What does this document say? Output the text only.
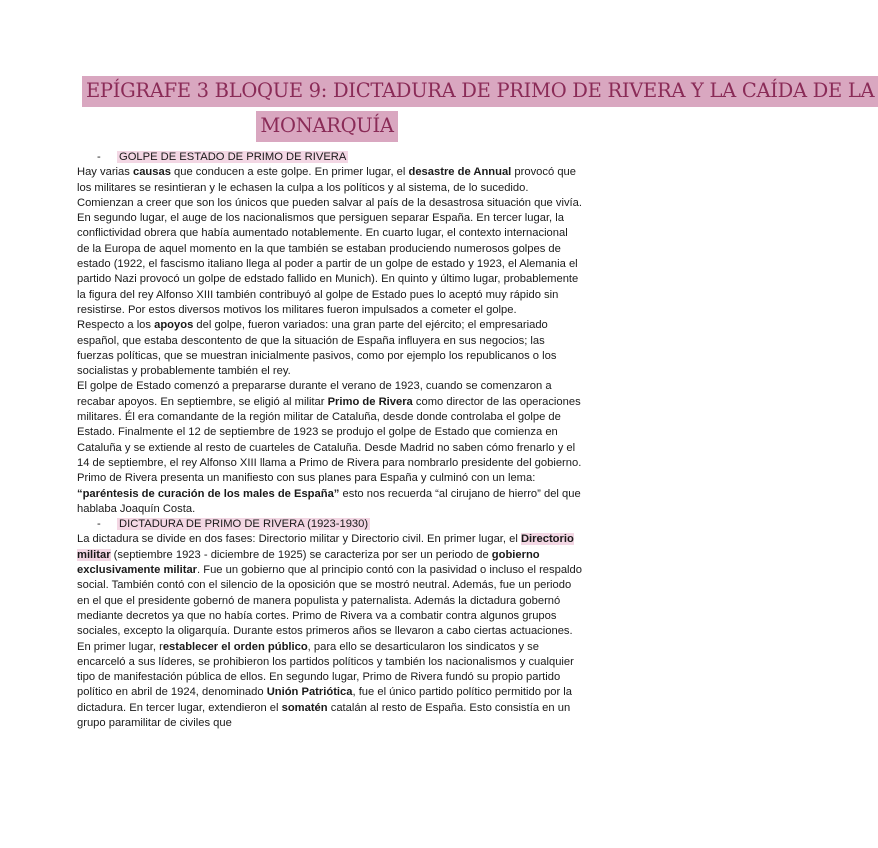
EPÍGRAFE 3 BLOQUE 9: DICTADURA DE PRIMO DE RIVERA Y LA CAÍDA DE LA
MONARQUÍA
- GOLPE DE ESTADO DE PRIMO DE RIVERA

Hay varias causas que conducen a este golpe. En primer lugar, el desastre de Annual provocó que los militares se resintieran y le echasen la culpa a los políticos y al sistema, de lo sucedido. Comienzan a creer que son los únicos que pueden salvar al país de la desastrosa situación que vivía. En segundo lugar, el auge de los nacionalismos que persiguen separar España. En tercer lugar, la conflictividad obrera que había aumentado notablemente. En cuarto lugar, el contexto internacional de la Europa de aquel momento en la que también se estaban produciendo numerosos golpes de estado (1922, el fascismo italiano llega al poder a partir de un golpe de estado y 1923, el Alemania el partido Nazi provocó un golpe de edstado fallido en Munich). En quinto y último lugar, probablemente la figura del rey Alfonso XIII también contribuyó al golpe de Estado pues lo aceptó muy rápido sin resistirse. Por estos diversos motivos los militares fueron impulsados a cometer el golpe.

Respecto a los apoyos del golpe, fueron variados: una gran parte del ejército; el empresariado español, que estaba descontento de que la situación de España influyera en sus negocios; las fuerzas políticas, que se muestran inicialmente pasivos, como por ejemplo los republicanos o los socialistas y probablemente también el rey.

El golpe de Estado comenzó a prepararse durante el verano de 1923, cuando se comenzaron a recabar apoyos. En septiembre, se eligió al militar Primo de Rivera como director de las operaciones militares. Él era comandante de la región militar de Cataluña, desde donde controlaba el golpe de Estado. Finalmente el 12 de septiembre de 1923 se produjo el golpe de Estado que comienza en Cataluña y se extiende al resto de cuarteles de Cataluña. Desde Madrid no saben cómo frenarlo y el 14 de septiembre, el rey Alfonso XIII llama a Primo de Rivera para nombrarlo presidente del gobierno. Primo de Rivera presenta un manifiesto con sus planes para España y culminó con un lema: “paréntesis de curación de los males de España” esto nos recuerda “al cirujano de hierro” del que hablaba Joaquín Costa.

- DICTADURA DE PRIMO DE RIVERA (1923-1930)

La dictadura se divide en dos fases: Directorio militar y Directorio civil. En primer lugar, el Directorio militar (septiembre 1923 - diciembre de 1925) se caracteriza por ser un periodo de gobierno exclusivamente militar. Fue un gobierno que al principio contó con la pasividad o incluso el respaldo social. También contó con el silencio de la oposición que se mostró neutral. Además, fue un periodo en el que el presidente gobernó de manera populista y paternalista. Además la dictadura gobernó mediante decretos ya que no había cortes. Primo de Rivera va a combatir contra algunos grupos sociales, excepto la oligarquía. Durante estos primeros años se llevaron a cabo ciertas actuaciones. En primer lugar, restablecer el orden público, para ello se desarticularon los sindicatos y se encarceló a sus líderes, se prohibieron los partidos políticos y también los nacionalismos y cualquier tipo de manifestación pública de ellos. En segundo lugar, Primo de Rivera fundó su propio partido político en abril de 1924, denominado Unión Patriótica, fue el único partido político permitido por la dictadura. En tercer lugar, extendieron el somatén catalán al resto de España. Esto consistía en un grupo paramilitar de civiles que
